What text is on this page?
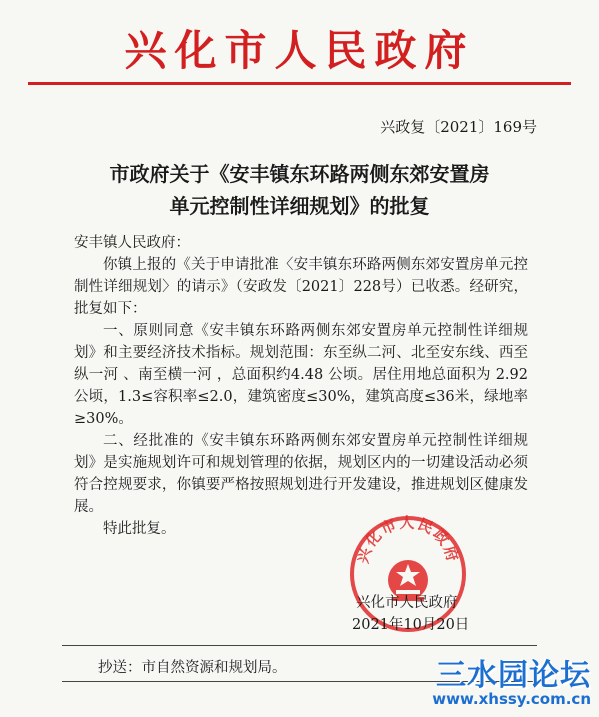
兴化市人民政府
兴政复〔2021〕169号
市政府关于《安丰镇东环路两侧东郊安置房
单元控制性详细规划》的批复

安丰镇人民政府：

你镇上报的《关于申请批准〈安丰镇东环路两侧东郊安置房单元控制性详细规划〉的请示》（安政发〔2021〕228号）已收悉。经研究，批复如下：

一、原则同意《安丰镇东环路两侧东郊安置房单元控制性详细规划》和主要经济技术指标。规划范围：东至纵二河、北至安东线、西至纵一河 、南至横一河 ，总面积约4.48 公顷。居住用地总面积为 2.92 公顷，1.3≤容积率≤2.0，建筑密度≤30%，建筑高度≤36米，绿地率≥30%。

二、经批准的《安丰镇东环路两侧东郊安置房单元控制性详细规划》是实施规划许可和规划管理的依据，规划区内的一切建设活动必须符合控规要求，你镇要严格按照规划进行开发建设，推进规划区健康发展。

特此批复。

兴化市人民政府
兴化市人民政府
2021年10月20日
抄送：市自然资源和规划局。	三水园论坛
www.xhssy.com.cn
